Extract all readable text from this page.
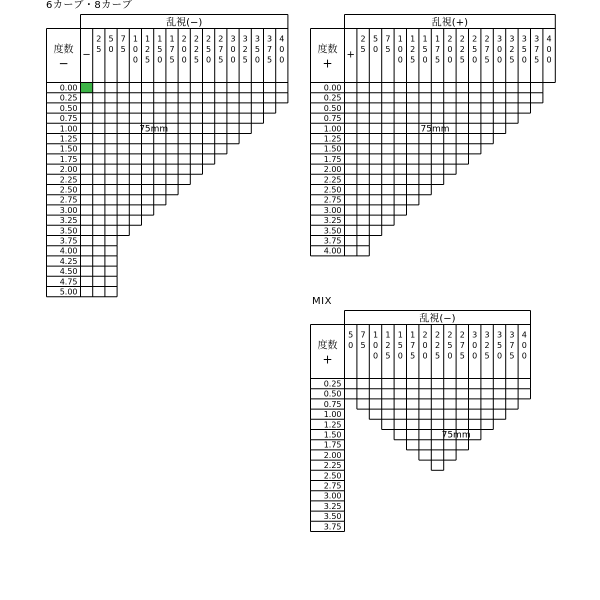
6カーブ・8カーブ
乱視(−)
度数
−
−
2
5
5
0
7
5
1
0
0
1
2
5
1
5
0
1
7
5
2
0
0
2
2
5
2
5
0
2
7
5
3
0
0
3
2
5
3
5
0
3
7
5
4
0
0
0.00
0.25
0.50
0.75
1.00
1.25
1.50
1.75
2.00
2.25
2.50
2.75
3.00
3.25
3.50
3.75
4.00
4.25
4.50
4.75
5.00
75mm
乱視(+)
度数
+
+
2
5
5
0
7
5
1
0
0
1
2
5
1
5
0
1
7
5
2
0
0
2
2
5
2
5
0
2
7
5
3
0
0
3
2
5
3
5
0
3
7
5
4
0
0
0.00
0.25
0.50
0.75
1.00
1.25
1.50
1.75
2.00
2.25
2.50
2.75
3.00
3.25
3.50
3.75
4.00
75mm
MIX
乱視(−)
度数
+
5
0
7
5
1
0
0
1
2
5
1
5
0
1
7
5
2
0
0
2
2
5
2
5
0
2
7
5
3
0
0
3
2
5
3
5
0
3
7
5
4
0
0
0.25
0.50
0.75
1.00
1.25
1.50
1.75
2.00
2.25
2.50
2.75
3.00
3.25
3.50
3.75
75mm
